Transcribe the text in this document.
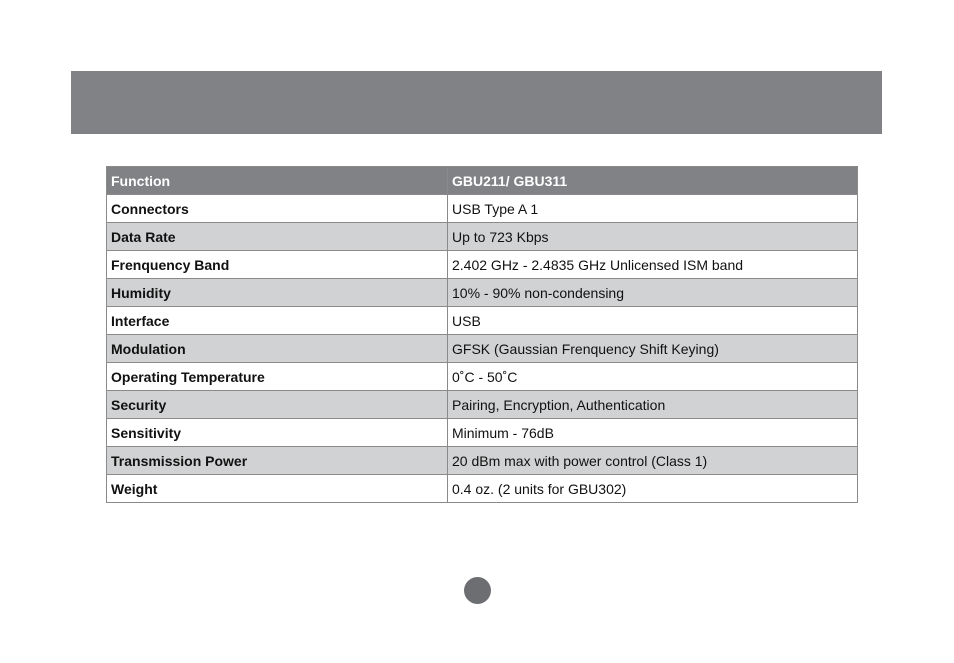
Function	GBU211/ GBU311
Connectors	USB Type A 1
Data Rate	Up to 723 Kbps
Frenquency Band	2.402 GHz - 2.4835 GHz Unlicensed ISM band
Humidity	10% - 90% non-condensing
Interface	USB
Modulation	GFSK (Gaussian Frenquency Shift Keying)
Operating Temperature	0˚C - 50˚C
Security	Pairing, Encryption, Authentication
Sensitivity	Minimum - 76dB
Transmission Power	20 dBm max with power control (Class 1)
Weight	0.4 oz. (2 units for GBU302)
